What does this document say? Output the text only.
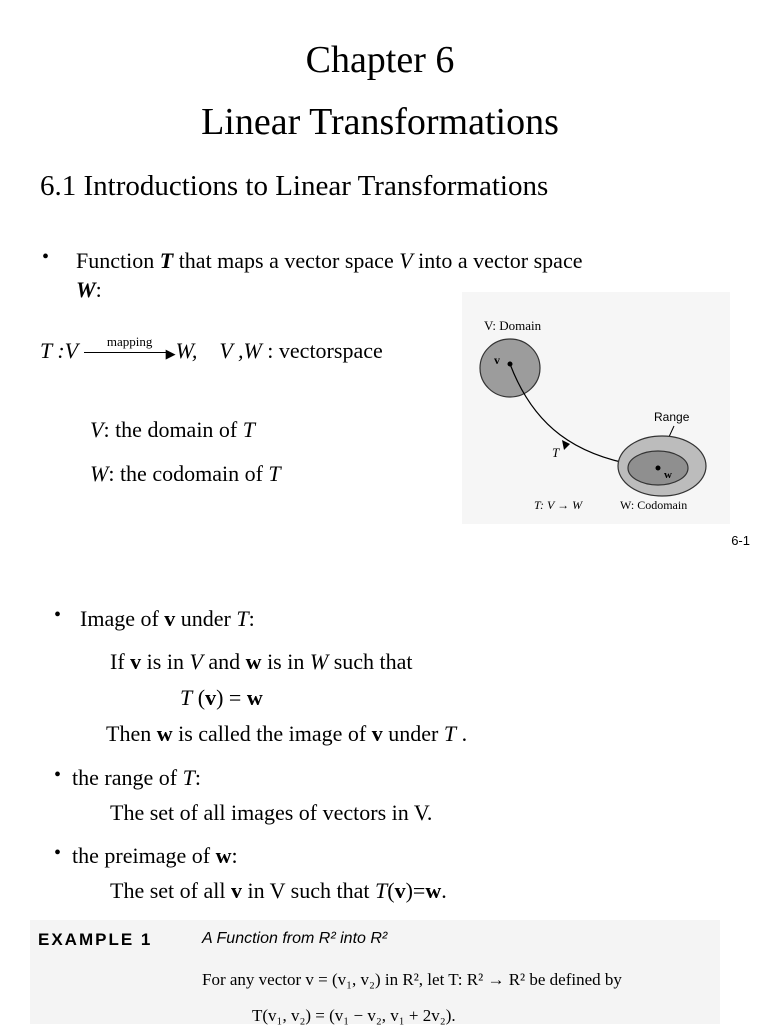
Chapter 6
Linear Transformations
6.1 Introductions to Linear Transformations
• Function T that maps a vector space V into a vector space
W:
T :V	mapping
▶ W, V ,W : vectorspace
V: the domain of T
W: the codomain of T
V: Domain
v
Range
T
w
T: V → W	W: Codomain
6-1
• Image of v under T:
If v is in V and w is in W such that
T (v) = w
Then w is called the image of v under T .
• the range of T:
The set of all images of vectors in V.
• the preimage of w:
The set of all v in V such that T(v)=w.
EXAMPLE 1	A Function from R² into R²
For any vector v = (v₁, v₂) in R², let T: R² → R² be defined by
T(v₁, v₂) = (v₁ − v₂, v₁ + 2v₂).
